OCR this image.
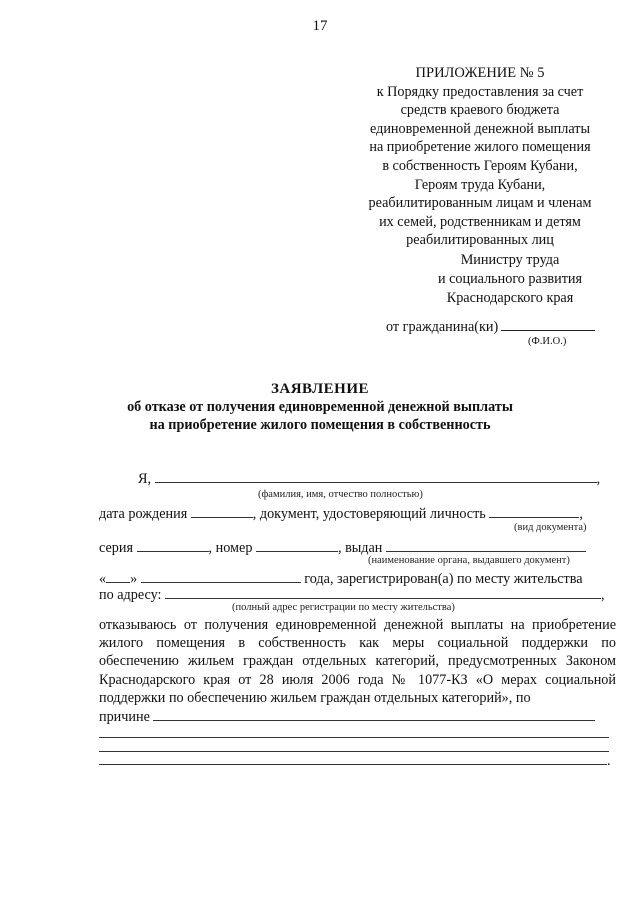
17
ПРИЛОЖЕНИЕ № 5
к Порядку предоставления за счет
средств краевого бюджета
единовременной денежной выплаты
на приобретение жилого помещения
в собственность Героям Кубани,
Героям труда Кубани,
реабилитированным лицам и членам
их семей, родственникам и детям
реабилитированных лиц
Министру труда
и социального развития
Краснодарского края
от гражданина(ки)
(Ф.И.О.)
ЗАЯВЛЕНИЕ
об отказе от получения единовременной денежной выплаты
на приобретение жилого помещения в собственность
Я,	,
(фамилия, имя, отчество полностью)
дата рождения	, документ, удостоверяющий личность	,
(вид документа)
серия	, номер	, выдан
(наименование органа, выдавшего документ)
« »	года, зарегистрирован(а) по месту жительства
по адресу:	,
(полный адрес регистрации по месту жительства)
отказываюсь от получения единовременной денежной выплаты на приобретение жилого помещения в собственность как меры социальной поддержки по обеспечению жильем граждан отдельных категорий, предусмотренных Законом Краснодарского края от 28 июля 2006 года № 1077-КЗ «О мерах социальной поддержки по обеспечению жильем граждан отдельных категорий», по
причине
.
